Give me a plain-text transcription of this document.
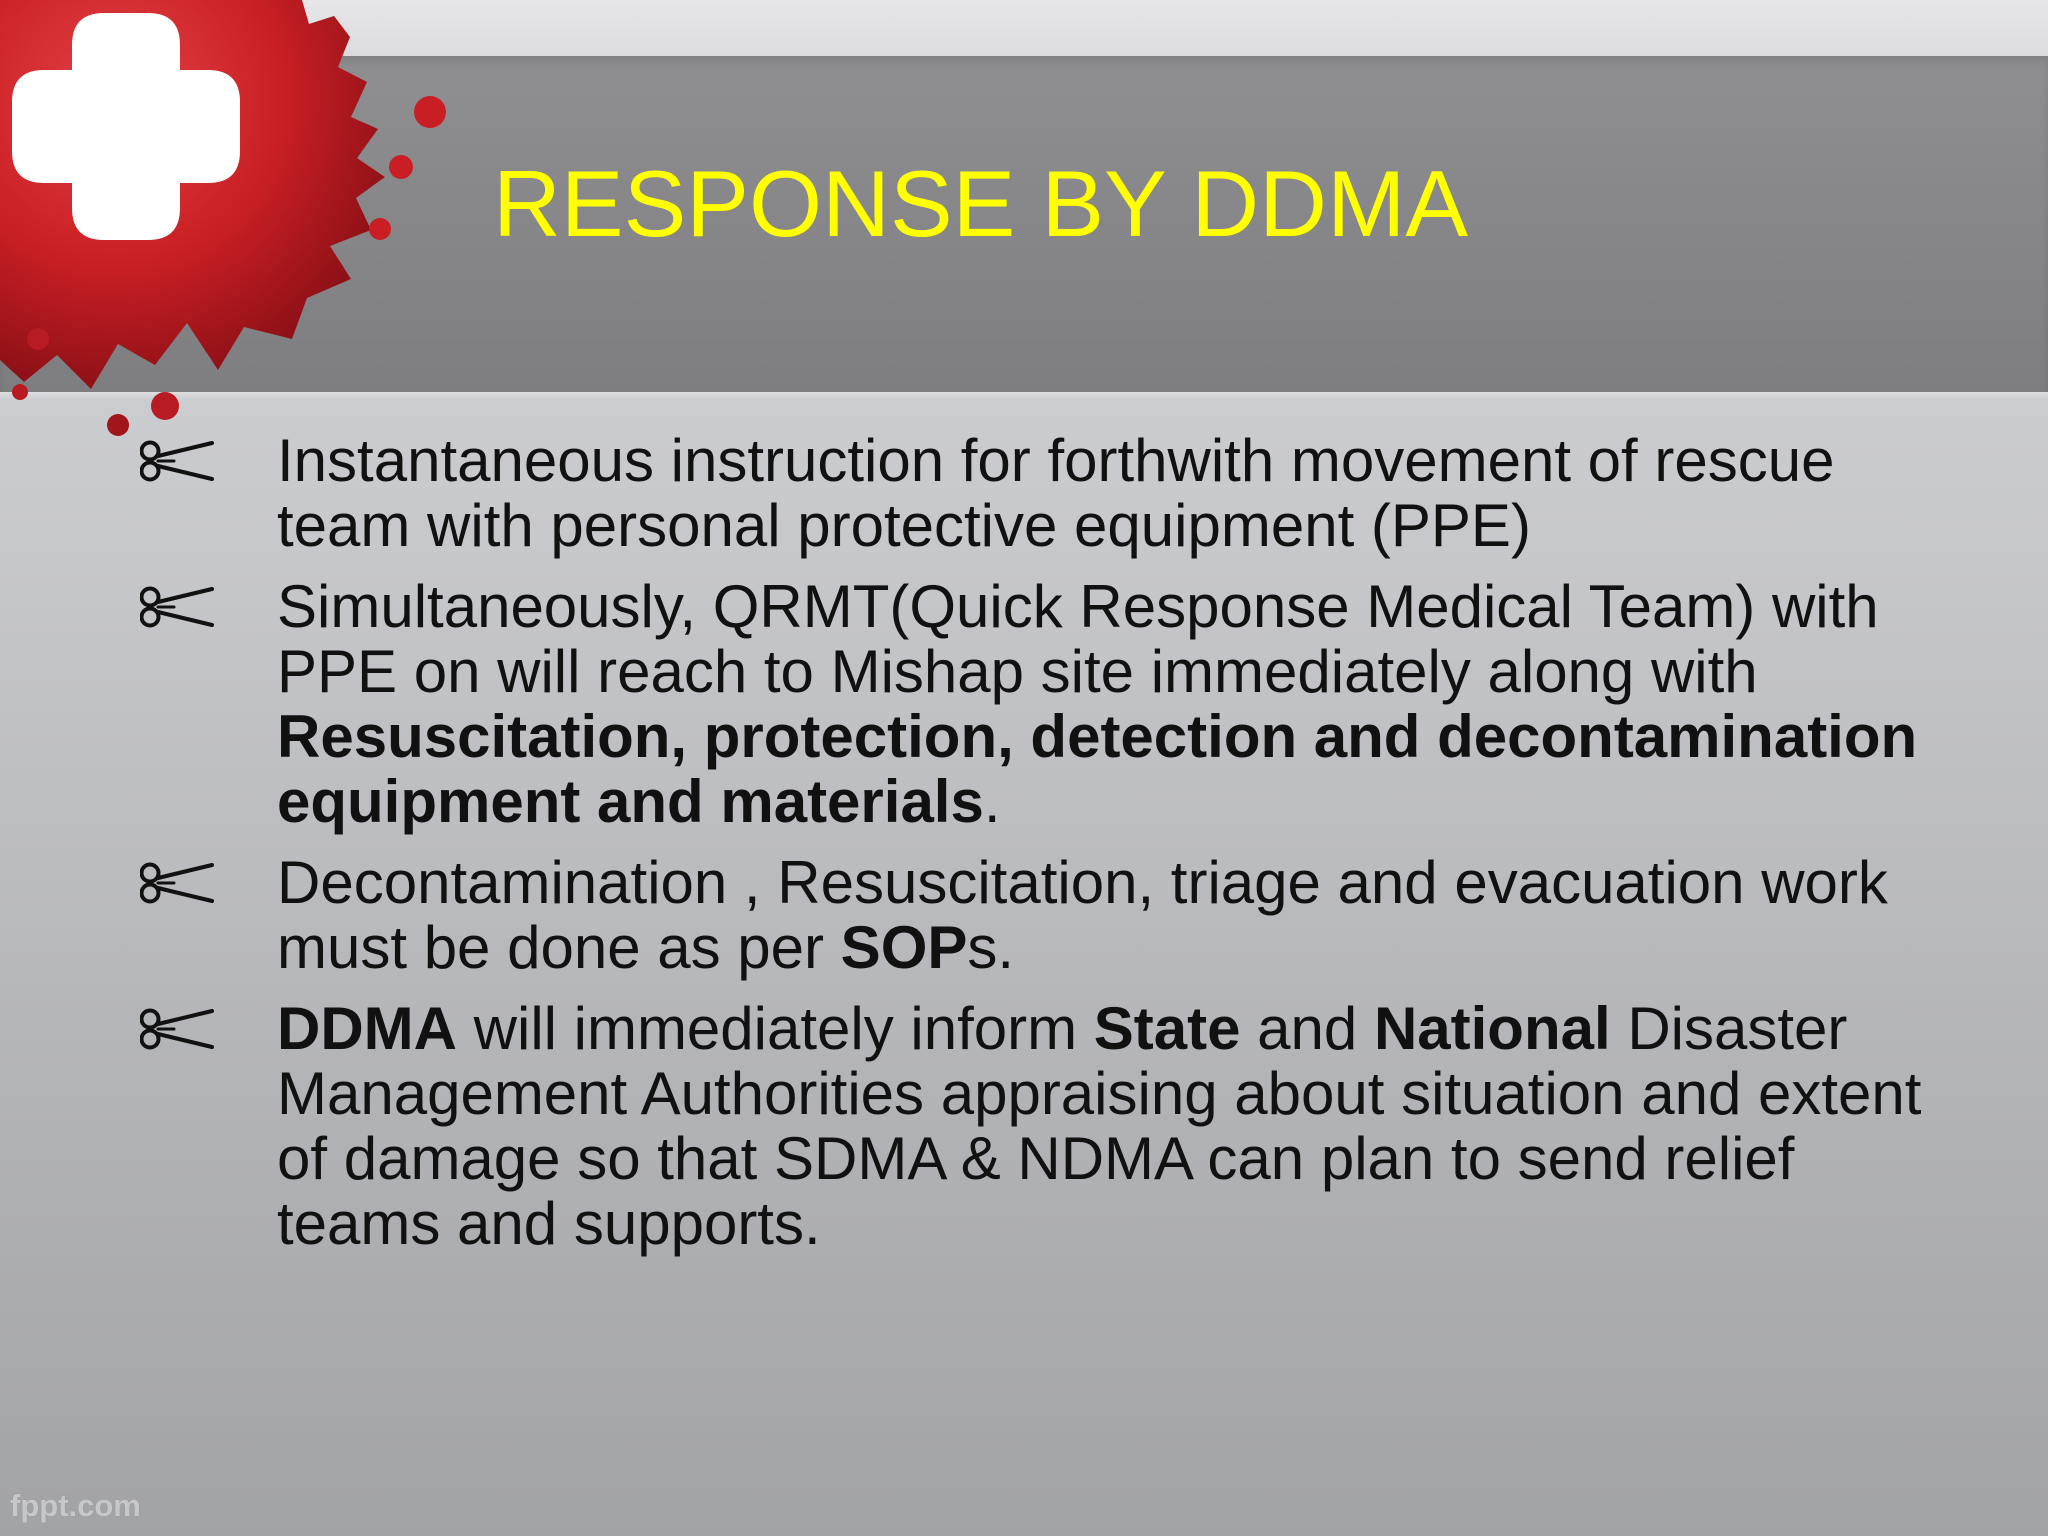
RESPONSE BY DDMA

Instantaneous instruction for forthwith movement of rescue team with personal protective equipment (PPE)

Simultaneously, QRMT(Quick Response Medical Team) with PPE on will reach to Mishap site immediately along with Resuscitation, protection, detection and decontamination equipment and materials.

Decontamination , Resuscitation, triage and evacuation work must be done as per SOPs.

DDMA will immediately inform State and National Disaster Management Authorities appraising about situation and extent of damage so that SDMA & NDMA can plan to send relief teams and supports.

fppt.com
